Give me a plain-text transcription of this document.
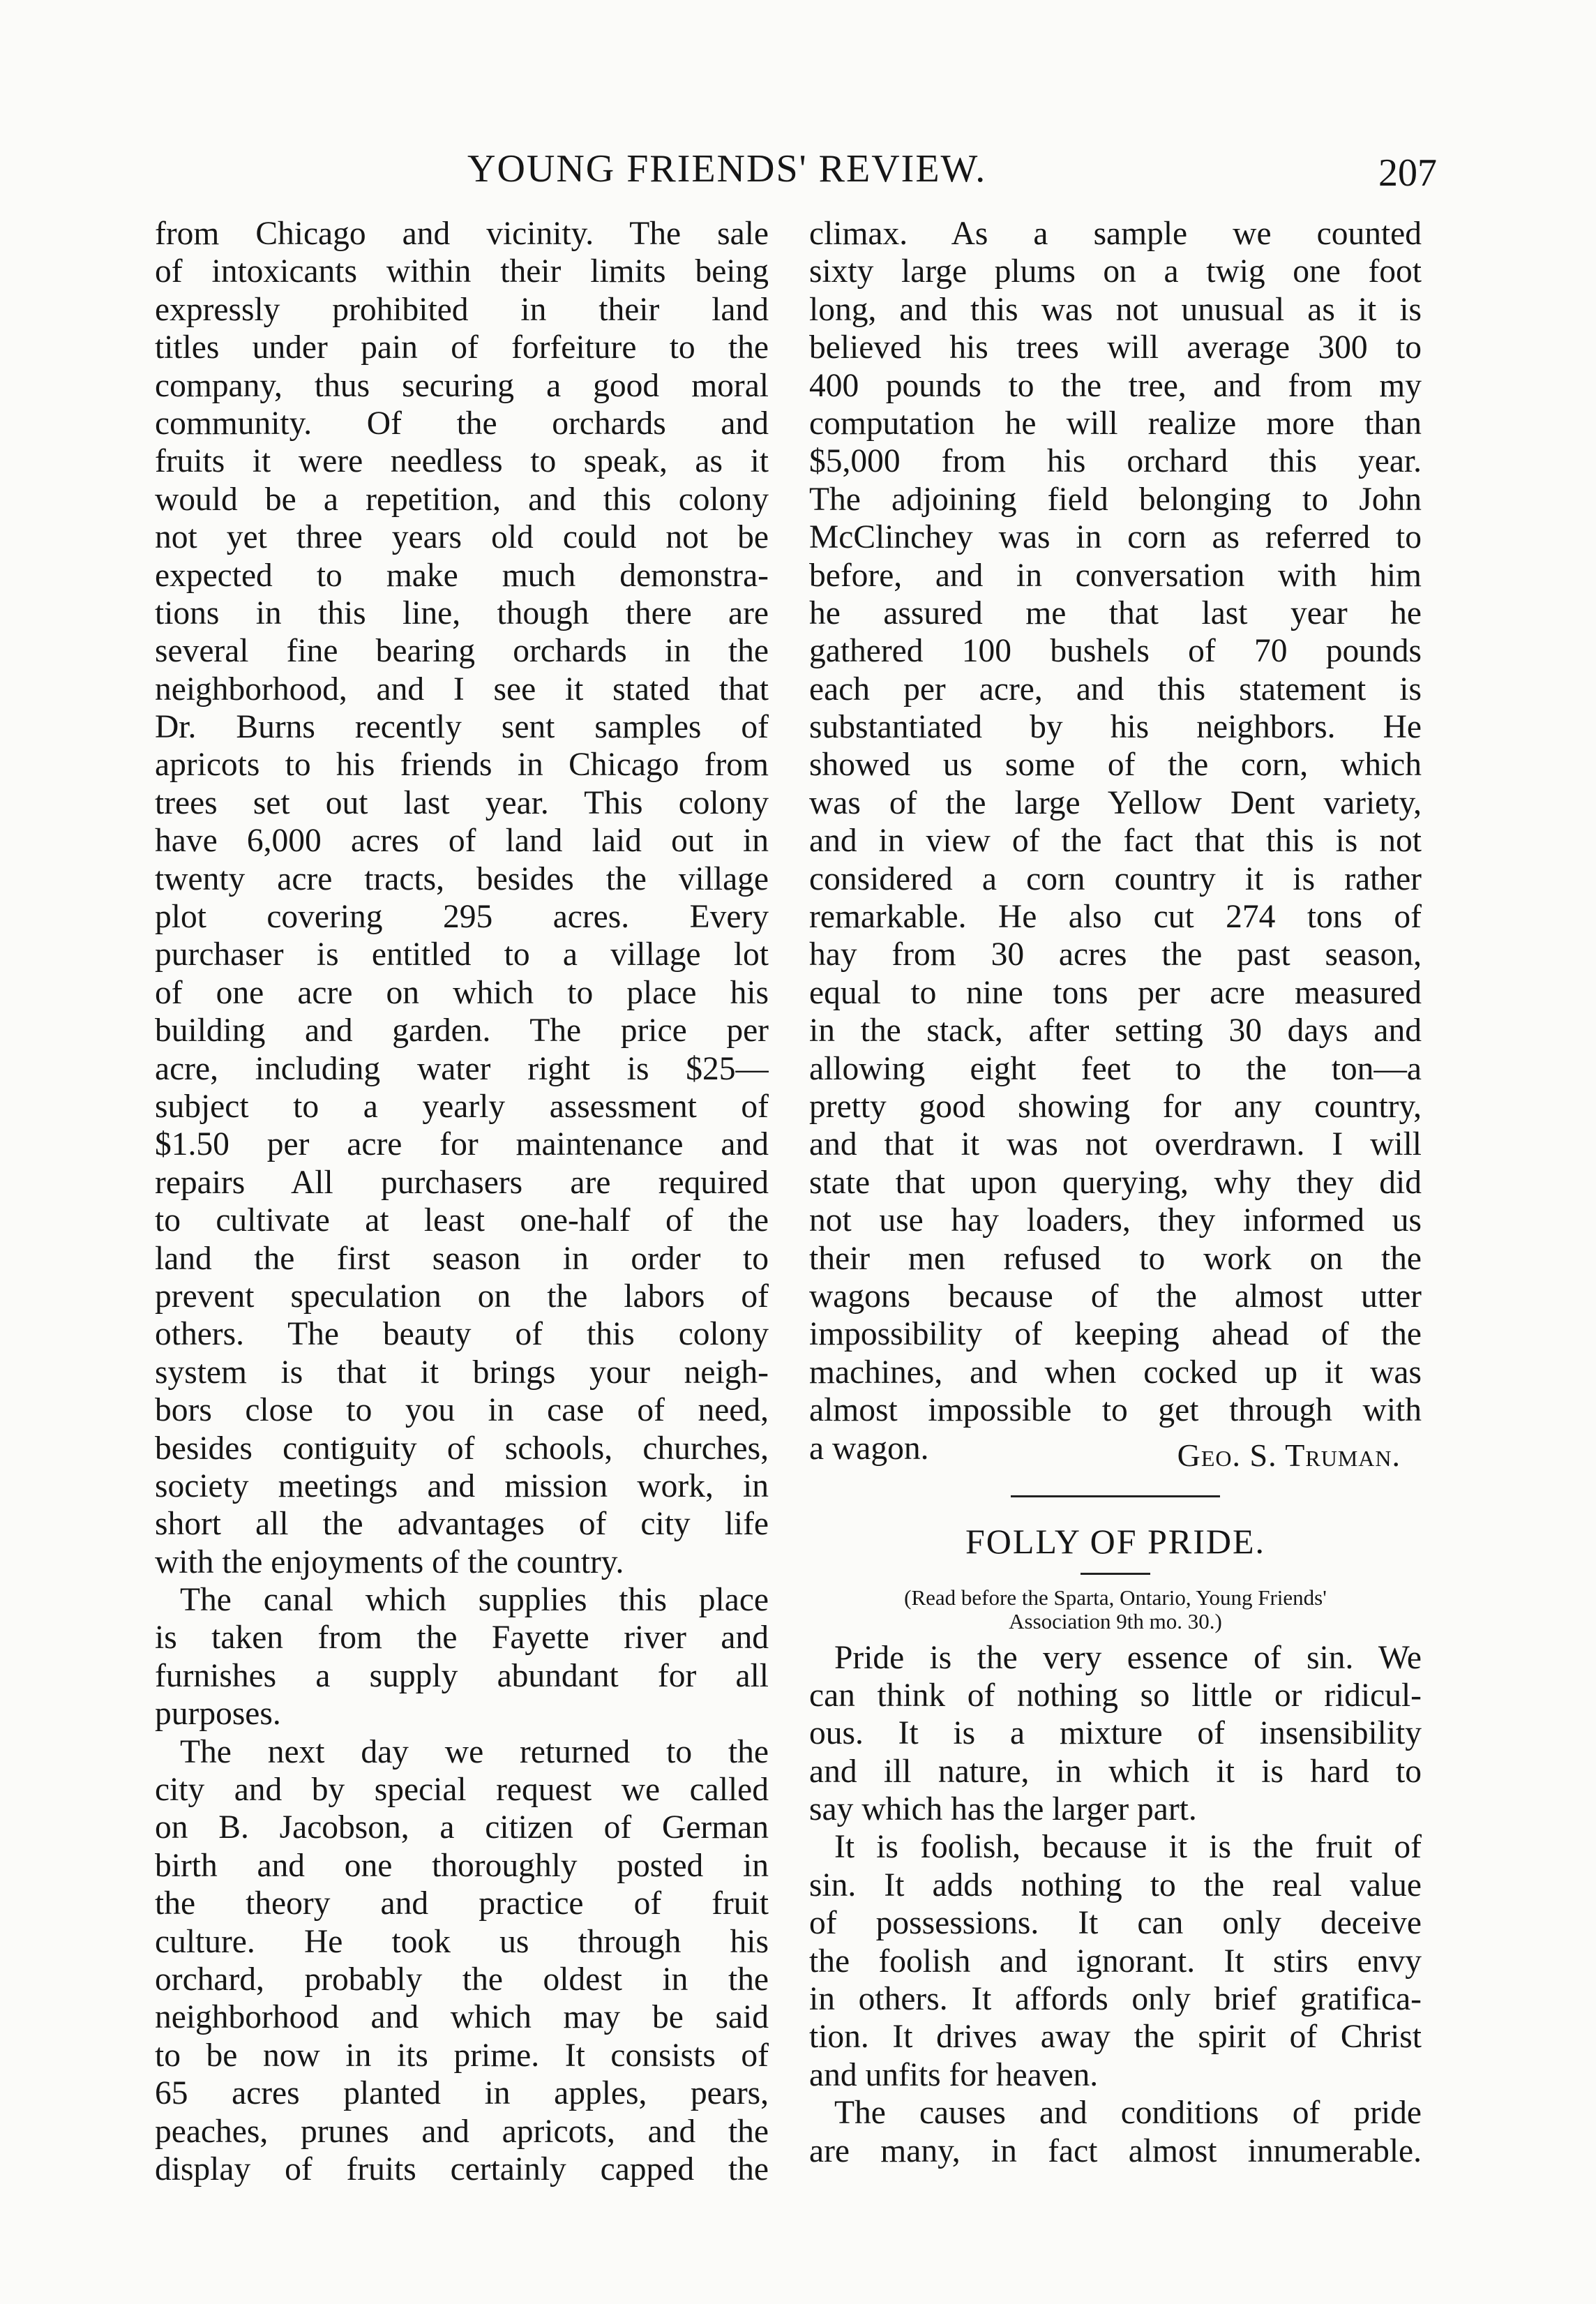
YOUNG FRIENDS' REVIEW.	207
from Chicago and vicinity. The sale
of intoxicants within their limits being
expressly prohibited in their land
titles under pain of forfeiture to the
company, thus securing a good moral
community. Of the orchards and
fruits it were needless to speak, as it
would be a repetition, and this colony
not yet three years old could not be
expected to make much demonstra-
tions in this line, though there are
several fine bearing orchards in the
neighborhood, and I see it stated that
Dr. Burns recently sent samples of
apricots to his friends in Chicago from
trees set out last year. This colony
have 6,000 acres of land laid out in
twenty acre tracts, besides the village
plot covering 295 acres. Every
purchaser is entitled to a village lot
of one acre on which to place his
building and garden. The price per
acre, including water right is $25—
subject to a yearly assessment of
$1.50 per acre for maintenance and
repairs All purchasers are required
to cultivate at least one-half of the
land the first season in order to
prevent speculation on the labors of
others. The beauty of this colony
system is that it brings your neigh-
bors close to you in case of need,
besides contiguity of schools, churches,
society meetings and mission work, in
short all the advantages of city life
with the enjoyments of the country.
The canal which supplies this place
is taken from the Fayette river and
furnishes a supply abundant for all
purposes.
The next day we returned to the
city and by special request we called
on B. Jacobson, a citizen of German
birth and one thoroughly posted in
the theory and practice of fruit
culture. He took us through his
orchard, probably the oldest in the
neighborhood and which may be said
to be now in its prime. It consists of
65 acres planted in apples, pears,
peaches, prunes and apricots, and the
display of fruits certainly capped the
climax. As a sample we counted
sixty large plums on a twig one foot
long, and this was not unusual as it is
believed his trees will average 300 to
400 pounds to the tree, and from my
computation he will realize more than
$5,000 from his orchard this year.
The adjoining field belonging to John
McClinchey was in corn as referred to
before, and in conversation with him
he assured me that last year he
gathered 100 bushels of 70 pounds
each per acre, and this statement is
substantiated by his neighbors. He
showed us some of the corn, which
was of the large Yellow Dent variety,
and in view of the fact that this is not
considered a corn country it is rather
remarkable. He also cut 274 tons of
hay from 30 acres the past season,
equal to nine tons per acre measured
in the stack, after setting 30 days and
allowing eight feet to the ton—a
pretty good showing for any country,
and that it was not overdrawn. I will
state that upon querying, why they did
not use hay loaders, they informed us
their men refused to work on the
wagons because of the almost utter
impossibility of keeping ahead of the
machines, and when cocked up it was
almost impossible to get through with
a wagon.	Geo. S. Truman.
FOLLY OF PRIDE.
(Read before the Sparta, Ontario, Young Friends'
Association 9th mo. 30.)
Pride is the very essence of sin. We
can think of nothing so little or ridicul-
ous. It is a mixture of insensibility
and ill nature, in which it is hard to
say which has the larger part.
It is foolish, because it is the fruit of
sin. It adds nothing to the real value
of possessions. It can only deceive
the foolish and ignorant. It stirs envy
in others. It affords only brief gratifica-
tion. It drives away the spirit of Christ
and unfits for heaven.
The causes and conditions of pride
are many, in fact almost innumerable.
